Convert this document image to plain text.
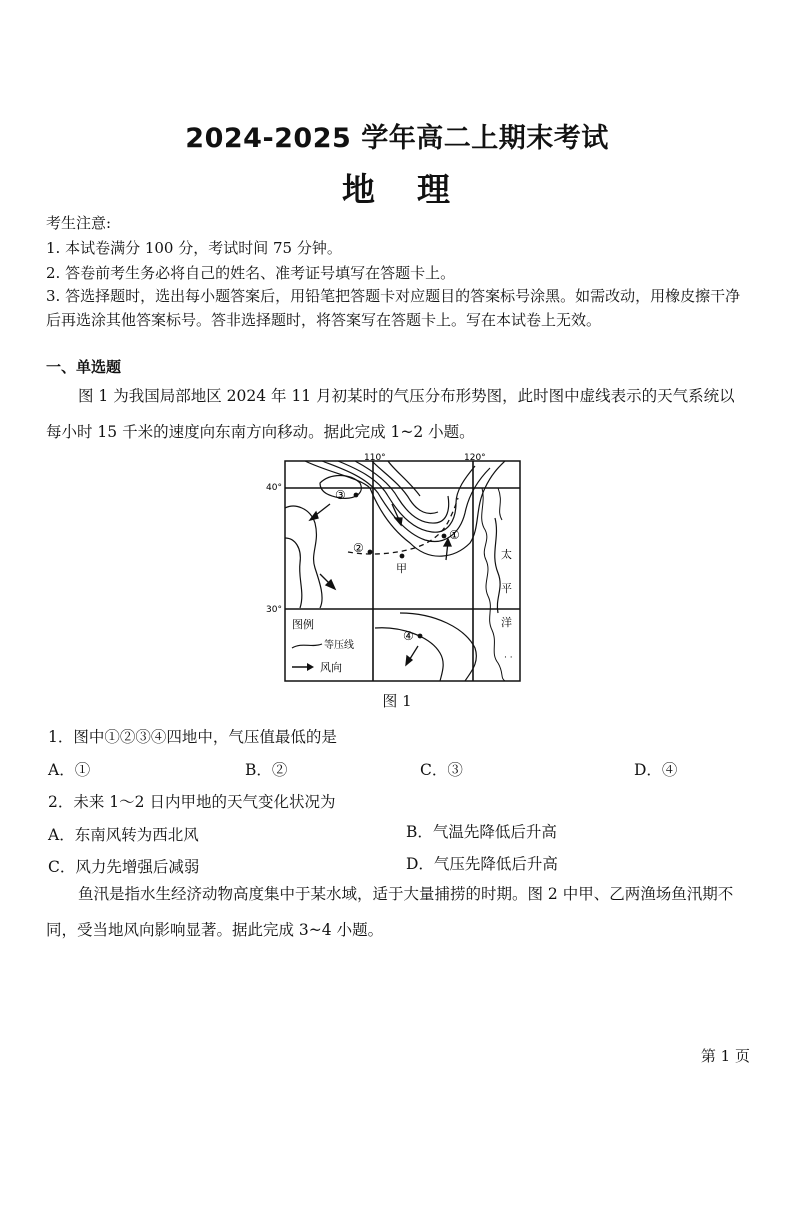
2024-2025 学年高二上期末考试
地 理
考生注意:
1. 本试卷满分 100 分，考试时间 75 分钟。
2. 答卷前考生务必将自己的姓名、准考证号填写在答题卡上。
3. 答选择题时，选出每小题答案后，用铅笔把答题卡对应题目的答案标号涂黑。如需改动，用橡皮擦干净后再选涂其他答案标号。答非选择题时，将答案写在答题卡上。写在本试卷上无效。
一、单选题
图 1 为我国局部地区 2024 年 11 月初某时的气压分布形势图，此时图中虚线表示的天气系统以每小时 15 千米的速度向东南方向移动。据此完成 1~2 小题。
110°	120°
40°
30°
③
②
甲
①
④
太
平
洋
· ·
图例
等压线
风向
图 1
1．图中①②③④四地中，气压值最低的是
A．①	B．②	C．③	D．④
2．未来 1～2 日内甲地的天气变化状况为
A．东南风转为西北风	B．气温先降低后升高
C．风力先增强后减弱	D．气压先降低后升高
鱼汛是指水生经济动物高度集中于某水域，适于大量捕捞的时期。图 2 中甲、乙两渔场鱼汛期不同，受当地风向影响显著。据此完成 3~4 小题。
第 1 页
